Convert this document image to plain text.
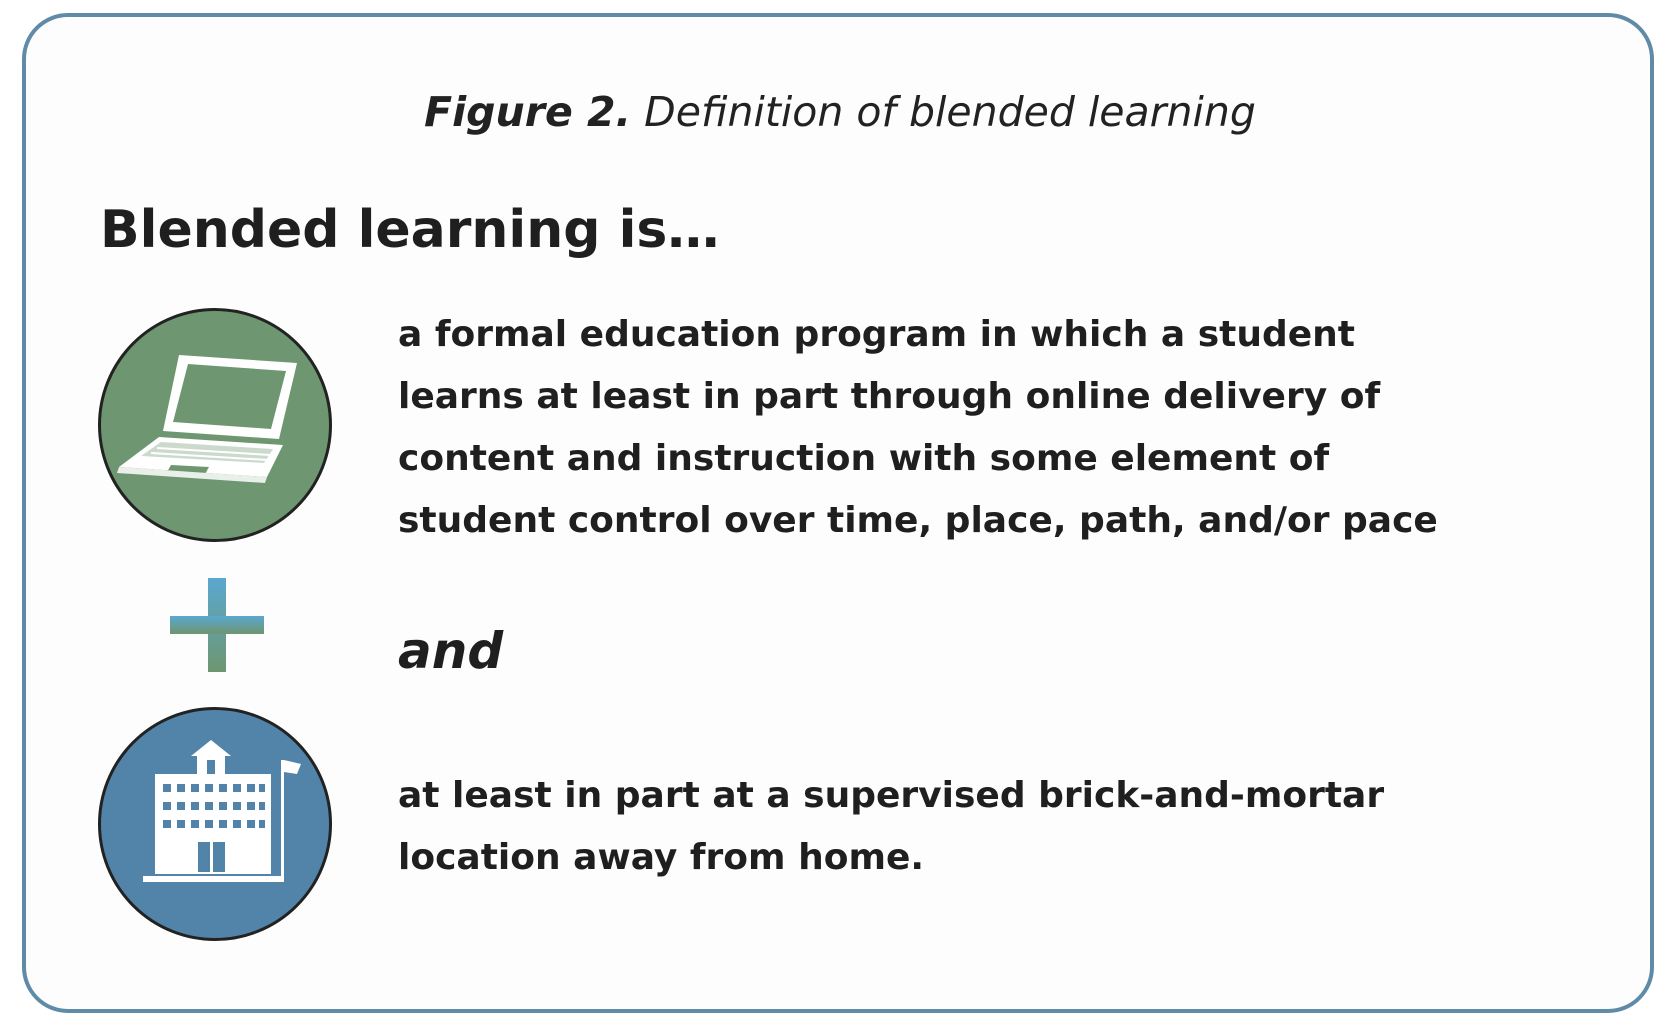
Figure 2. Definition of blended learning
Blended learning is…
a formal education program in which a student
learns at least in part through online delivery of
content and instruction with some element of
student control over time, place, path, and/or pace
and
at least in part at a supervised brick-and-mortar
location away from home.
